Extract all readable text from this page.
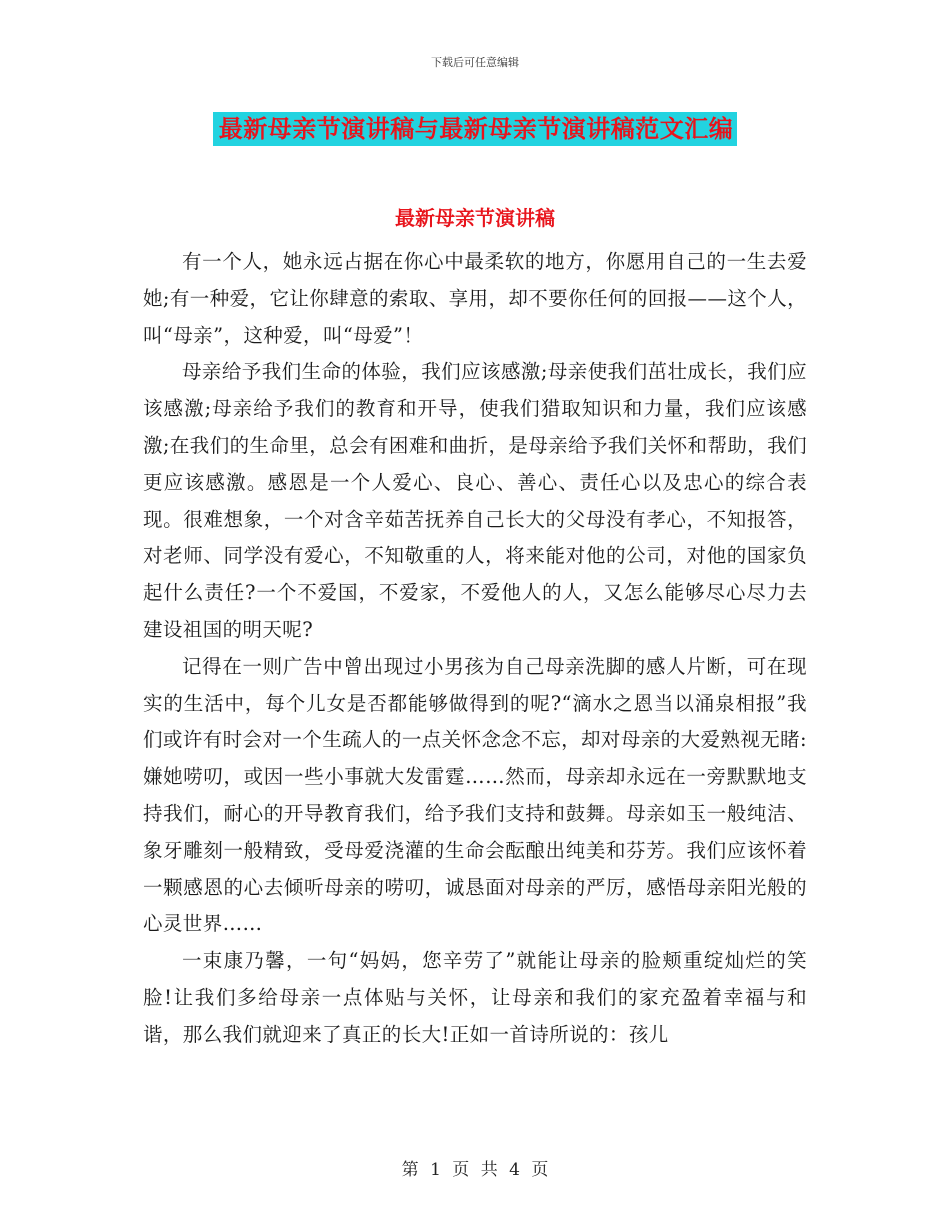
下载后可任意编辑
最新母亲节演讲稿与最新母亲节演讲稿范文汇编
最新母亲节演讲稿

有一个人，她永远占据在你心中最柔软的地方，你愿用自己的一生去爱她;有一种爱，它让你肆意的索取、享用，却不要你任何的回报——这个人，叫“母亲”，这种爱，叫“母爱”！

母亲给予我们生命的体验，我们应该感激;母亲使我们茁壮成长，我们应该感激;母亲给予我们的教育和开导，使我们猎取知识和力量，我们应该感激;在我们的生命里，总会有困难和曲折，是母亲给予我们关怀和帮助，我们更应该感激。感恩是一个人爱心、良心、善心、责任心以及忠心的综合表现。很难想象，一个对含辛茹苦抚养自己长大的父母没有孝心，不知报答，对老师、同学没有爱心，不知敬重的人，将来能对他的公司，对他的国家负起什么责任?一个不爱国，不爱家，不爱他人的人，又怎么能够尽心尽力去建设祖国的明天呢?

记得在一则广告中曾出现过小男孩为自己母亲洗脚的感人片断，可在现实的生活中，每个儿女是否都能够做得到的呢?“滴水之恩当以涌泉相报”我们或许有时会对一个生疏人的一点关怀念念不忘，却对母亲的大爱熟视无睹:嫌她唠叨，或因一些小事就大发雷霆……然而，母亲却永远在一旁默默地支持我们，耐心的开导教育我们，给予我们支持和鼓舞。母亲如玉一般纯洁、象牙雕刻一般精致，受母爱浇灌的生命会酝酿出纯美和芬芳。我们应该怀着一颗感恩的心去倾听母亲的唠叨，诚恳面对母亲的严厉，感悟母亲阳光般的心灵世界……

一束康乃馨，一句“妈妈，您辛劳了”就能让母亲的脸颊重绽灿烂的笑脸!让我们多给母亲一点体贴与关怀，让母亲和我们的家充盈着幸福与和谐，那么我们就迎来了真正的长大!正如一首诗所说的：孩儿

第 1 页 共 4 页
